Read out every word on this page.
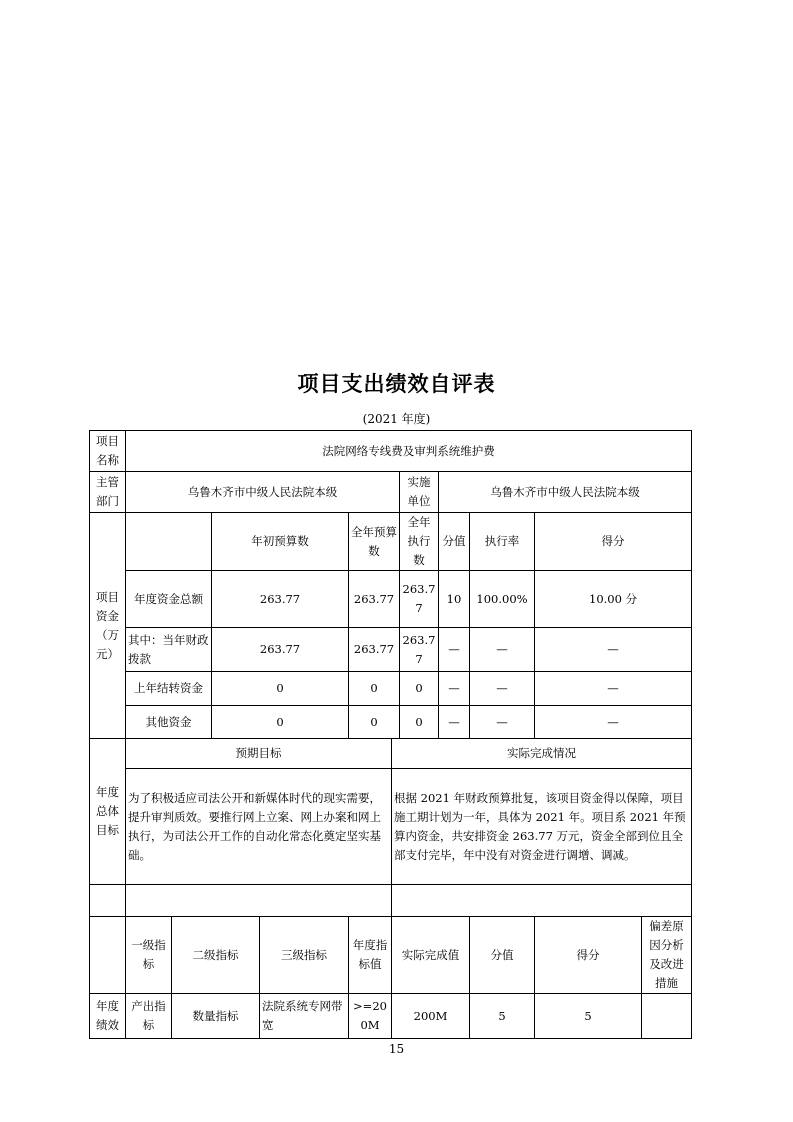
项目支出绩效自评表
(2021 年度)
项目名称	法院网络专线费及审判系统维护费										
主管部门	乌鲁木齐市中级人民法院本级						实施单位	乌鲁木齐市中级人民法院本级			
项目资金（万元）			年初预算数		全年预算数		全年执行数	分值	执行率	得分	
	年度资金总额		263.77		263.77		263.77	10	100.00%	10.00 分	
	其中：当年财政拨款		263.77		263.77		263.77	—	—	—	
	上年结转资金		0		0		0	—	—	—	
	其他资金		0		0		0	—	—	—	
年度总体目标	预期目标					实际完成情况					
	为了积极适应司法公开和新媒体时代的现实需要，提升审判质效。要推行网上立案、网上办案和网上执行，为司法公开工作的自动化常态化奠定坚实基础。					根据 2021 年财政预算批复，该项目资金得以保障，项目施工期计划为一年，具体为 2021 年。项目系 2021 年预算内资金，共安排资金 263.77 万元，资金全部到位且全部支付完毕，年中没有对资金进行调增、调减。					

	一级指标	二级指标		三级指标	年度指标值	实际完成值			分值	得分	偏差原因分析及改进措施
年度绩效	产出指标	数量指标		法院系统专网带宽	>=200M	200M			5	5	
15
